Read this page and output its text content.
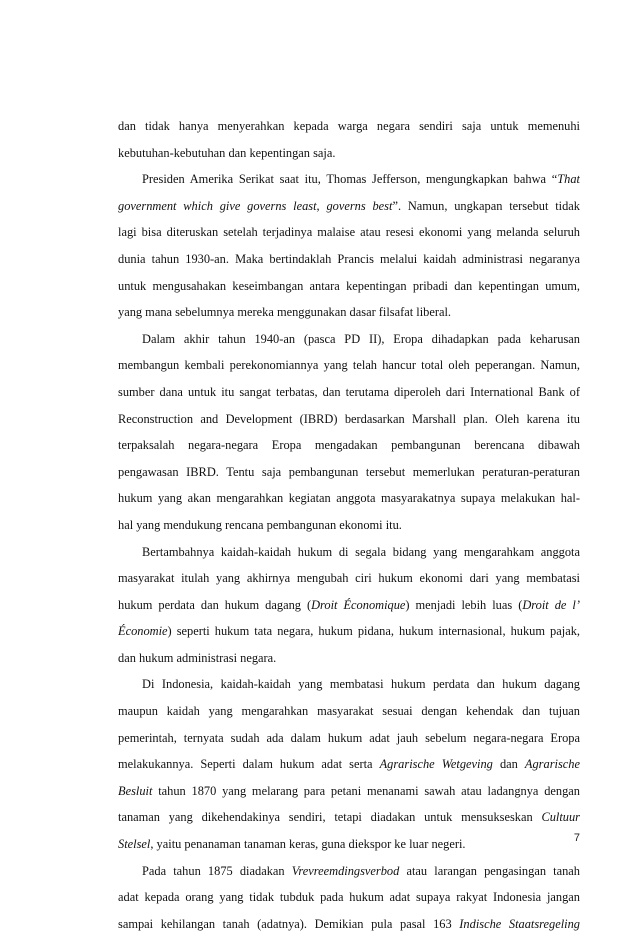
dan tidak hanya menyerahkan kepada warga negara sendiri saja untuk memenuhi
kebutuhan-kebutuhan dan kepentingan saja.
Presiden Amerika Serikat saat itu, Thomas Jefferson, mengungkapkan bahwa “That
government which give governs least, governs best”. Namun, ungkapan tersebut tidak
lagi bisa diteruskan setelah terjadinya malaise atau resesi ekonomi yang melanda seluruh
dunia tahun 1930-an. Maka bertindaklah Prancis melalui kaidah administrasi negaranya
untuk mengusahakan keseimbangan antara kepentingan pribadi dan kepentingan umum,
yang mana sebelumnya mereka menggunakan dasar filsafat liberal.
Dalam akhir tahun 1940-an (pasca PD II), Eropa dihadapkan pada keharusan
membangun kembali perekonomiannya yang telah hancur total oleh peperangan. Namun,
sumber dana untuk itu sangat terbatas, dan terutama diperoleh dari International Bank of
Reconstruction and Development (IBRD) berdasarkan Marshall plan. Oleh karena itu
terpaksalah negara-negara Eropa mengadakan pembangunan berencana dibawah
pengawasan IBRD. Tentu saja pembangunan tersebut memerlukan peraturan-peraturan
hukum yang akan mengarahkan kegiatan anggota masyarakatnya supaya melakukan hal-
hal yang mendukung rencana pembangunan ekonomi itu.
Bertambahnya kaidah-kaidah hukum di segala bidang yang mengarahkam anggota
masyarakat itulah yang akhirnya mengubah ciri hukum ekonomi dari yang membatasi
hukum perdata dan hukum dagang (Droit Économique) menjadi lebih luas (Droit de l’
Économie) seperti hukum tata negara, hukum pidana, hukum internasional, hukum pajak,
dan hukum administrasi negara.
Di Indonesia, kaidah-kaidah yang membatasi hukum perdata dan hukum dagang
maupun kaidah yang mengarahkan masyarakat sesuai dengan kehendak dan tujuan
pemerintah, ternyata sudah ada dalam hukum adat jauh sebelum negara-negara Eropa
melakukannya. Seperti dalam hukum adat serta Agrarische Wetgeving dan Agrarische
Besluit tahun 1870 yang melarang para petani menanami sawah atau ladangnya dengan
tanaman yang dikehendakinya sendiri, tetapi diadakan untuk mensukseskan Cultuur
Stelsel, yaitu penanaman tanaman keras, guna diekspor ke luar negeri.
Pada tahun 1875 diadakan Vrevreemdingsverbod atau larangan pengasingan tanah
adat kepada orang yang tidak tubduk pada hukum adat supaya rakyat Indonesia jangan
sampai kehilangan tanah (adatnya). Demikian pula pasal 163 Indische Staatsregeling
7
